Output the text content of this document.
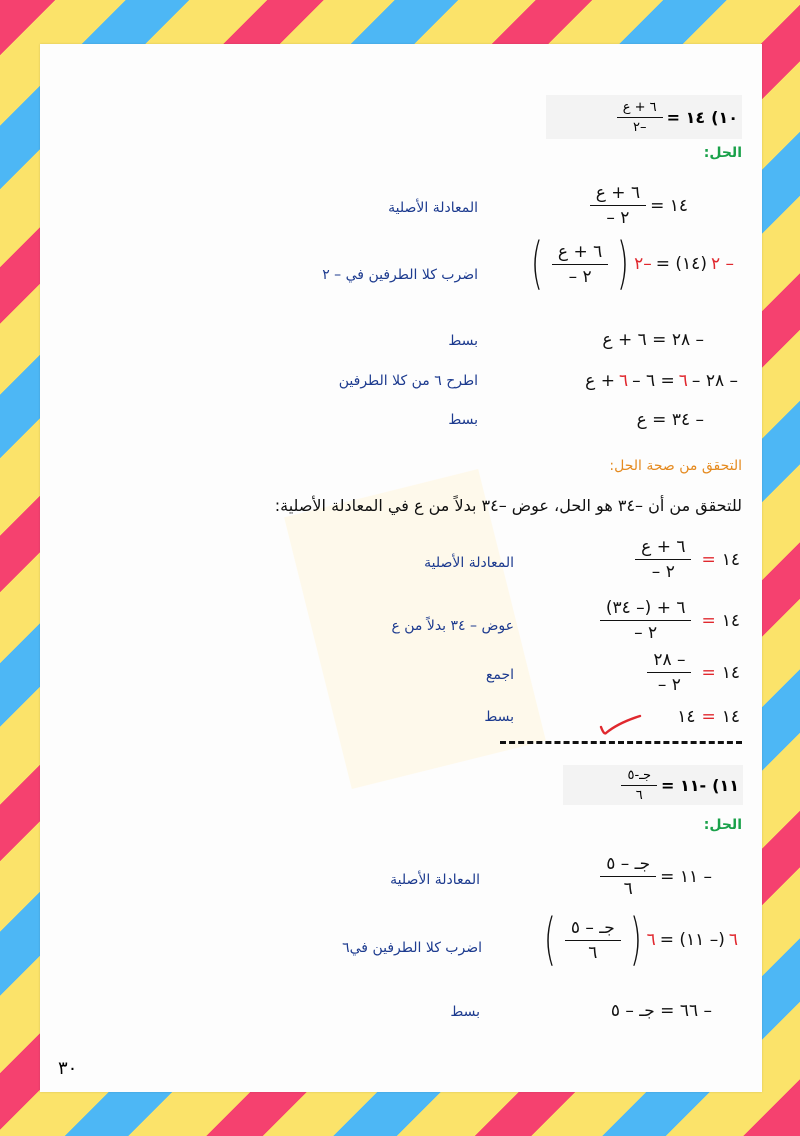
١٠)
١٤ =
$\frac{\text{٦ + ع}}{-٢}$
الحل:
١٤ =
$\frac{\text{٦ + ع}}{٢ -}$
المعادلة الأصلية
– ٢
(١٤) =
–٢
(
$\frac{\text{٦ + ع}}{٢ -}$
)
اضرب كلا الطرفين في – ٢
– ٢٨ = ٦ + ع
بسط
– ٢٨ –
٦
= ٦ –
٦
+ ع
اطرح ٦ من كلا الطرفين
– ٣٤ = ع
بسط
التحقق من صحة الحل:
للتحقق من أن –٣٤ هو الحل، عوض –٣٤ بدلاً من ع في المعادلة الأصلية:
١٤
=
$\frac{\text{٦ + ع}}{٢ -}$
المعادلة الأصلية
١٤
=
$\frac{٦ + (- ٣٤)}{٢ -}$
عوض – ٣٤ بدلاً من ع
١٤
=
$\frac{- ٢٨}{٢ -}$
اجمع
١٤
=
١٤
بسط
١١)
-١١ =
$\frac{\text{جـ-٥}}{٦}$
الحل:
– ١١ =
$\frac{\text{جـ – ٥}}{٦}$
المعادلة الأصلية
٦
(– ١١) =
٦
(
$\frac{\text{جـ – ٥}}{٦}$
)
اضرب كلا الطرفين في٦
– ٦٦ = جـ – ٥
بسط
٣٠
